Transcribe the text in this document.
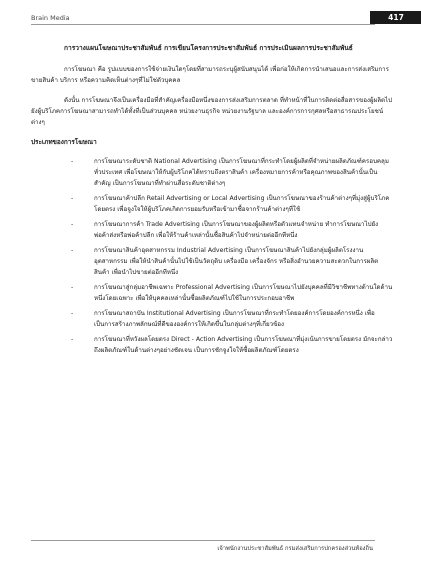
Brain Media	417

การวางแผนโฆษณาประชาสัมพันธ์ การเขียนโครงการประชาสัมพันธ์ การประเมินผลการประชาสัมพันธ์

การโฆษณา คือ รูปแบบของการใช้จ่ายเงินใดๆโดยที่สามารถระบุผู้สนับสนุนได้ เพื่อก่อให้เกิดการนำเสนอและการส่งเสริมการขายสินค้า บริการ หรือความคิดเห็นต่างๆที่ไม่ใช่ตัวบุคคล

ดังนั้น การโฆษณาจึงเป็นเครื่องมือที่สำคัญเครื่องมือหนึ่งของการส่งเสริมการตลาด ที่ทำหน้าที่ในการติดต่อสื่อสารของผู้ผลิตไปยังผู้บริโภคการโฆษณาสามารถทำได้ทั้งที่เป็นส่วนบุคคล หน่วยงานธุรกิจ หน่วยงานรัฐบาล และองค์การการกุศลหรือสาธารณประโยชน์ต่างๆ

ประเภทของการโฆษณา
-	การโฆษณาระดับชาติ National Advertising เป็นการโฆษณาที่กระทำโดยผู้ผลิตที่จำหน่ายผลิตภัณฑ์ครอบคลุมทั่วประเทศ เพื่อโฆษณาให้กับผู้บริโภคได้ทราบถึงตราสินค้า เครื่องหมายการค้าหรือคุณภาพของสินค้านั้นเป็นสำคัญ เป็นการโฆษณาที่ทำผ่านสื่อระดับชาติต่างๆ
-	การโฆษณาค้าปลีก Retail Advertising or Local Advertising เป็นการโฆษณาของร้านค้าต่างๆที่มุ่งสู่ผู้บริโภคโดยตรง เพื่อจูงใจให้ผู้บริโภคเกิดการยอมรับหรือเข้ามาซื้อจากร้านค้าต่างๆที่ใช้
-	การโฆษณาการค้า Trade Advertising เป็นการโฆษณาของผู้ผลิตหรือตัวแทนจำหน่าย ทำการโฆษณาไปยังพ่อค้าส่งหรือพ่อค้าปลีก เพื่อให้ร้านค้าเหล่านั้นซื้อสินค้าไปจำหน่ายต่ออีกทีหนึ่ง
-	การโฆษณาสินค้าอุตสาหกรรม Industrial Advertising เป็นการโฆษณาสินค้าไปยังกลุ่มผู้ผลิตโรงงานอุตสาหกรรม เพื่อให้นำสินค้านั้นไปใช้เป็นวัตถุดิบ เครื่องมือ เครื่องจักร หรือสิ่งอำนวยความสะดวกในการผลิตสินค้า เพื่อนำไปขายต่ออีกทีหนึ่ง
-	การโฆษณาสู่กลุ่มอาชีพเฉพาะ Professional Advertising เป็นการโฆษณาไปยังบุคคลที่มีวิชาชีพทางด้านใดด้านหนึ่งโดยเฉพาะ เพื่อให้บุคคลเหล่านั้นซื้อผลิตภัณฑ์ไปใช้ในการประกอบอาชีพ
-	การโฆษณาสถาบัน Institutional Advertising เป็นการโฆษณาที่กระทำโดยองค์การโดยองค์การหนึ่ง เพื่อเป็นการสร้างภาพลักษณ์ที่ดีขององค์การให้เกิดขึ้นในกลุ่มต่างๆที่เกี่ยวข้อง
-	การโฆษณาที่หวังผลโดยตรง Direct - Action Advertising เป็นการโฆษณาที่มุ่งเน้นการขายโดยตรง มักจะกล่าวถึงผลิตภัณฑ์ในด้านต่างๆอย่างชัดเจน เป็นการชักจูงใจให้ซื้อผลิตภัณฑ์โดยตรง
เจ้าพนักงานประชาสัมพันธ์ กรมส่งเสริมการปกครองส่วนท้องถิ่น
